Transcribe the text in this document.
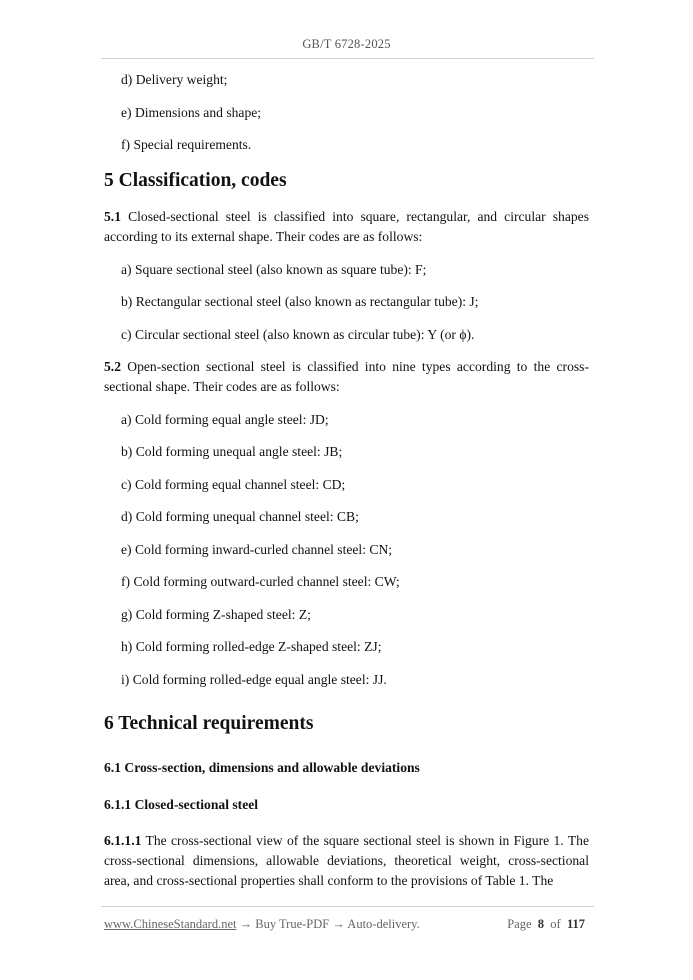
GB/T 6728-2025
d) Delivery weight;
e) Dimensions and shape;
f) Special requirements.
5 Classification, codes
5.1 Closed-sectional steel is classified into square, rectangular, and circular shapes according to its external shape. Their codes are as follows:
a) Square sectional steel (also known as square tube): F;
b) Rectangular sectional steel (also known as rectangular tube): J;
c) Circular sectional steel (also known as circular tube): Y (or ϕ).
5.2 Open-section sectional steel is classified into nine types according to the cross-sectional shape. Their codes are as follows:
a) Cold forming equal angle steel: JD;
b) Cold forming unequal angle steel: JB;
c) Cold forming equal channel steel: CD;
d) Cold forming unequal channel steel: CB;
e) Cold forming inward-curled channel steel: CN;
f) Cold forming outward-curled channel steel: CW;
g) Cold forming Z-shaped steel: Z;
h) Cold forming rolled-edge Z-shaped steel: ZJ;
i) Cold forming rolled-edge equal angle steel: JJ.
6 Technical requirements
6.1 Cross-section, dimensions and allowable deviations
6.1.1 Closed-sectional steel
6.1.1.1 The cross-sectional view of the square sectional steel is shown in Figure 1. The cross-sectional dimensions, allowable deviations, theoretical weight, cross-sectional area, and cross-sectional properties shall conform to the provisions of Table 1. The
www.ChineseStandard.net → Buy True-PDF → Auto-delivery.	Page 8 of 117
